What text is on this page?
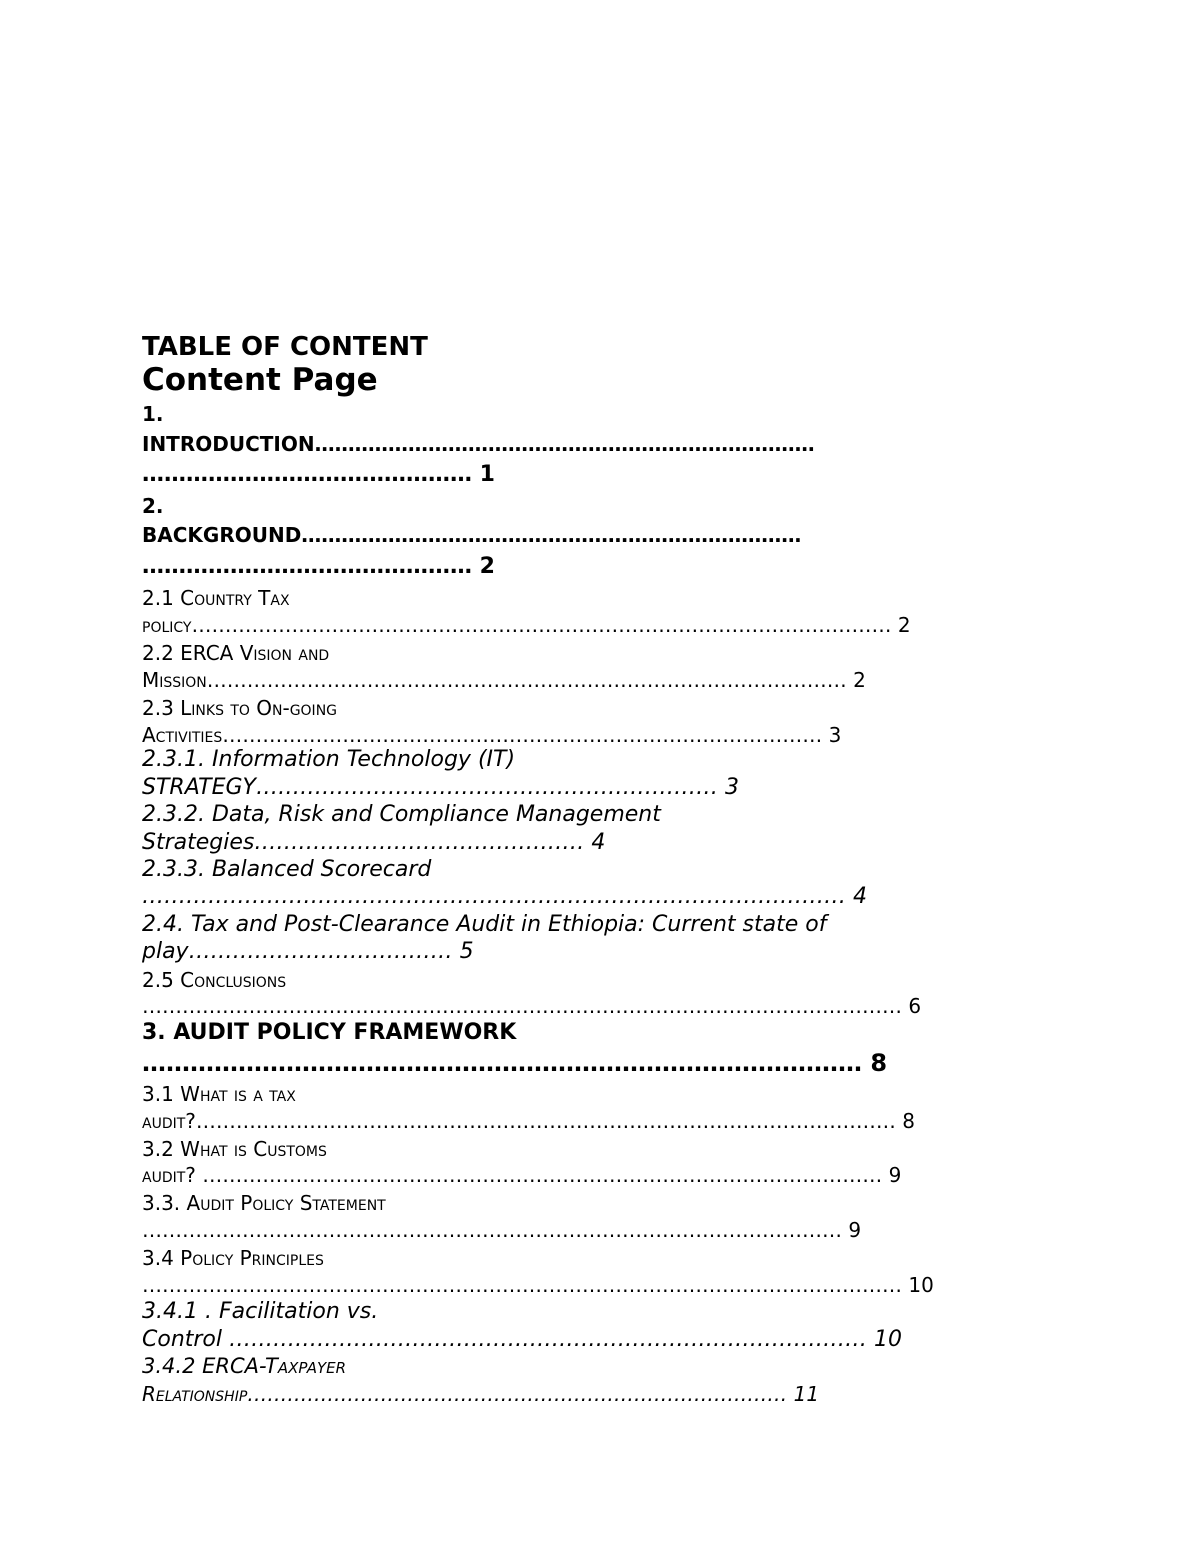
TABLE OF CONTENT
Content Page
1.
INTRODUCTION…………………………………………………………………
……………………………………… 1
2.
BACKGROUND…………………………………………………………………
……………………………………… 2
2.1 Country Tax
policy…………………………………………………………………………………………… 2
2.2 ERCA Vision and
Mission…………………………………………………………………………………… 2
2.3 Links to On-going
Activities……………………………………………………………………………… 3
2.3.1. Information Technology (IT)
STRATEGY……………………………………………………… 3
2.3.2. Data, Risk and Compliance Management
Strategies……………………………………… 4
2.3.3. Balanced Scorecard
…………………………………………………………………………………… 4
2.4. Tax and Post-Clearance Audit in Ethiopia: Current state of
play……………………………… 5
2.5 Conclusions
…………………………………………………………………………………………………… 6
3. AUDIT POLICY FRAMEWORK
……………………………………………………………………………… 8
3.1 What is a tax
audit?…………………………………………………………………………………………… 8
3.2 What is Customs
audit? ………………………………………………………………………………………… 9
3.3. Audit Policy Statement
…………………………………………………………………………………………… 9
3.4 Policy Principles
…………………………………………………………………………………………………… 10
3.4.1 . Facilitation vs.
Control …………………………………………………………………………… 10
3.4.2 ERCA-Taxpayer
Relationship……………………………………………………………………… 11
